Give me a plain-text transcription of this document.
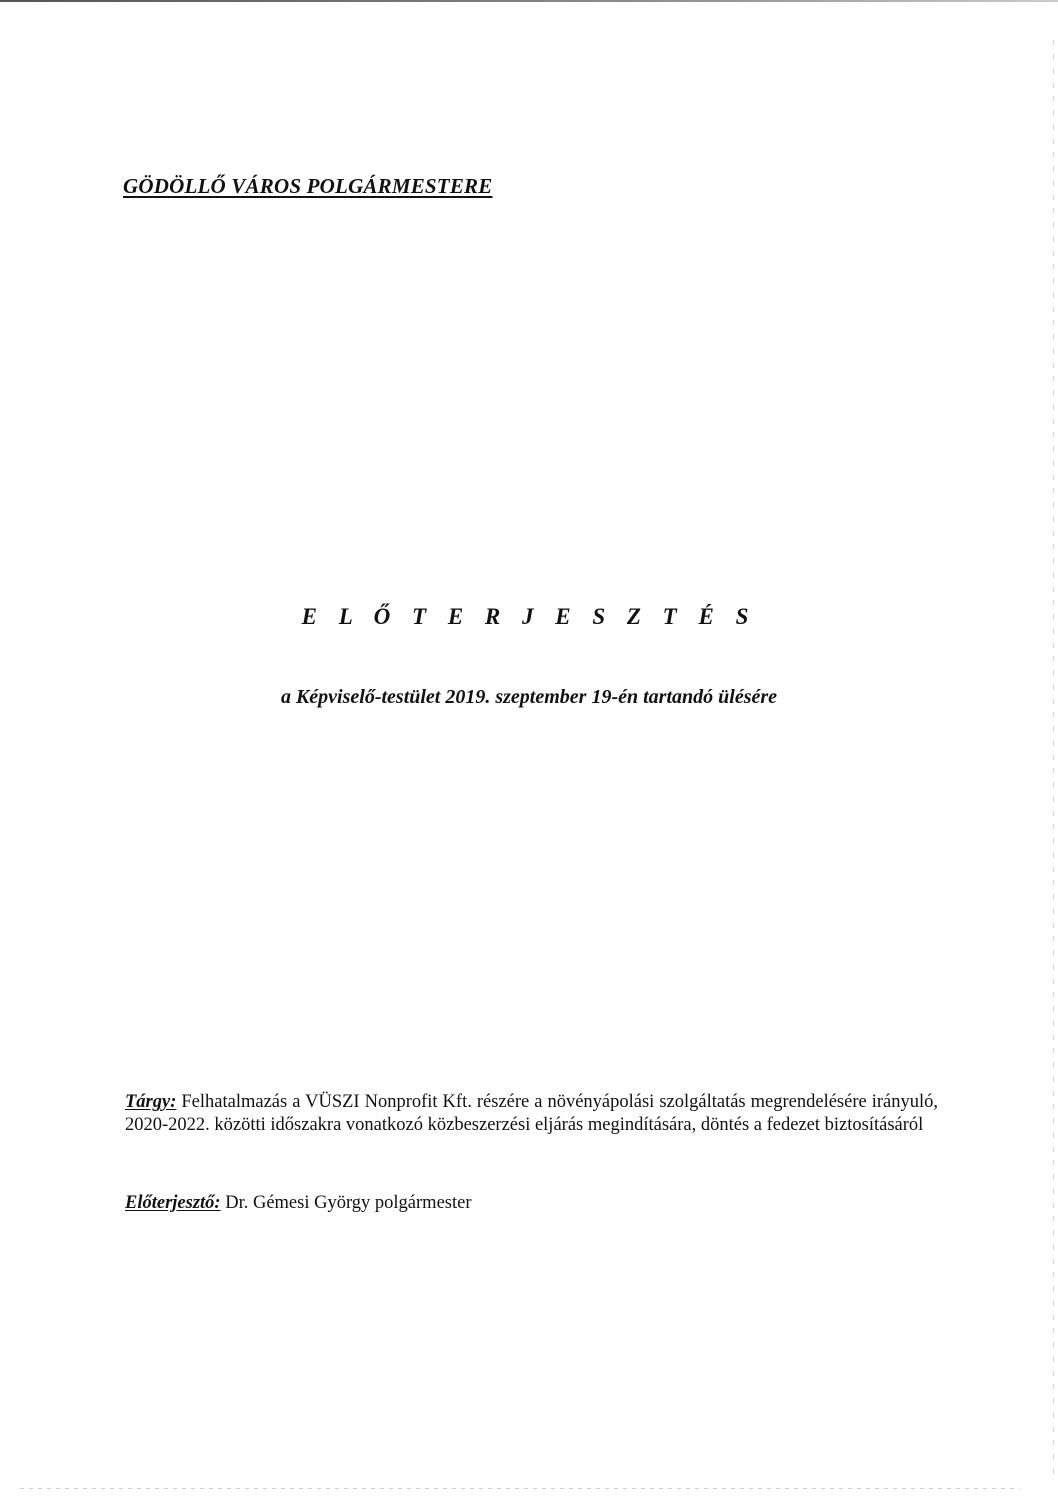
GÖDÖLLŐ VÁROS POLGÁRMESTERE
E L Ő T E R J E S Z T É S
a Képviselő-testület 2019. szeptember 19-én tartandó ülésére
Tárgy: Felhatalmazás a VÜSZI Nonprofit Kft. részére a növényápolási szolgáltatás megrendelésére irányuló, 2020-2022. közötti időszakra vonatkozó közbeszerzési eljárás megindítására, döntés a fedezet biztosításáról
Előterjesztő: Dr. Gémesi György polgármester
